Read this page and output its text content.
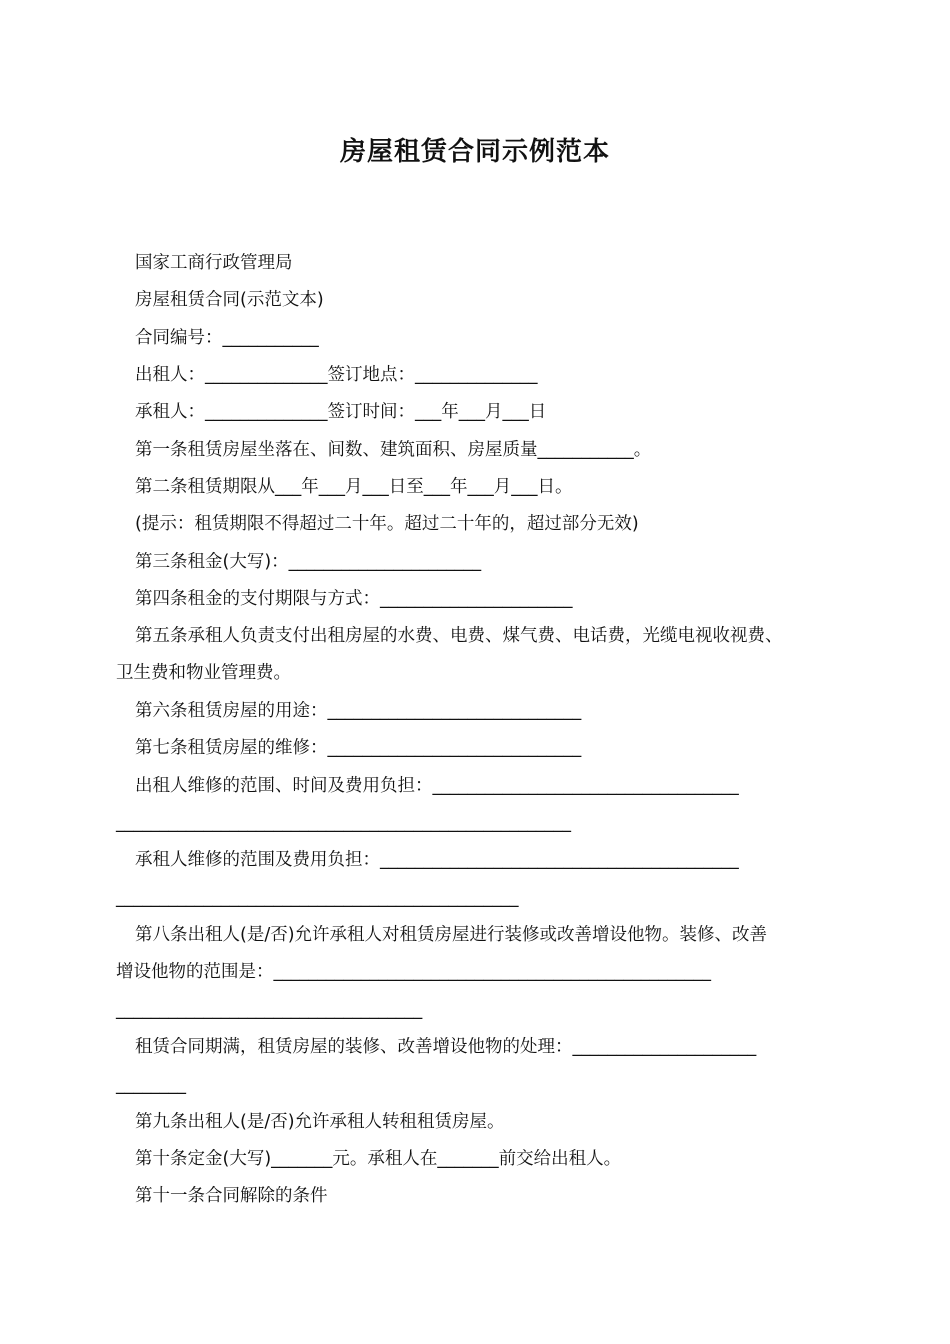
房屋租赁合同示例范本
国家工商行政管理局
房屋租赁合同(示范文本)
合同编号：___________
出租人：______________签订地点：______________
承租人：______________签订时间：___年___月___日
第一条租赁房屋坐落在、间数、建筑面积、房屋质量___________。
第二条租赁期限从___年___月___日至___年___月___日。
(提示：租赁期限不得超过二十年。超过二十年的，超过部分无效)
第三条租金(大写)：______________________
第四条租金的支付期限与方式：______________________
第五条承租人负责支付出租房屋的水费、电费、煤气费、电话费，光缆电视收视费、
卫生费和物业管理费。
第六条租赁房屋的用途：_____________________________
第七条租赁房屋的维修：_____________________________
出租人维修的范围、时间及费用负担：___________________________________
____________________________________________________
承租人维修的范围及费用负担：_________________________________________
______________________________________________
第八条出租人(是/否)允许承租人对租赁房屋进行装修或改善增设他物。装修、改善
增设他物的范围是：__________________________________________________
___________________________________
租赁合同期满，租赁房屋的装修、改善增设他物的处理：_____________________
________
第九条出租人(是/否)允许承租人转租租赁房屋。
第十条定金(大写)_______元。承租人在_______前交给出租人。
第十一条合同解除的条件
